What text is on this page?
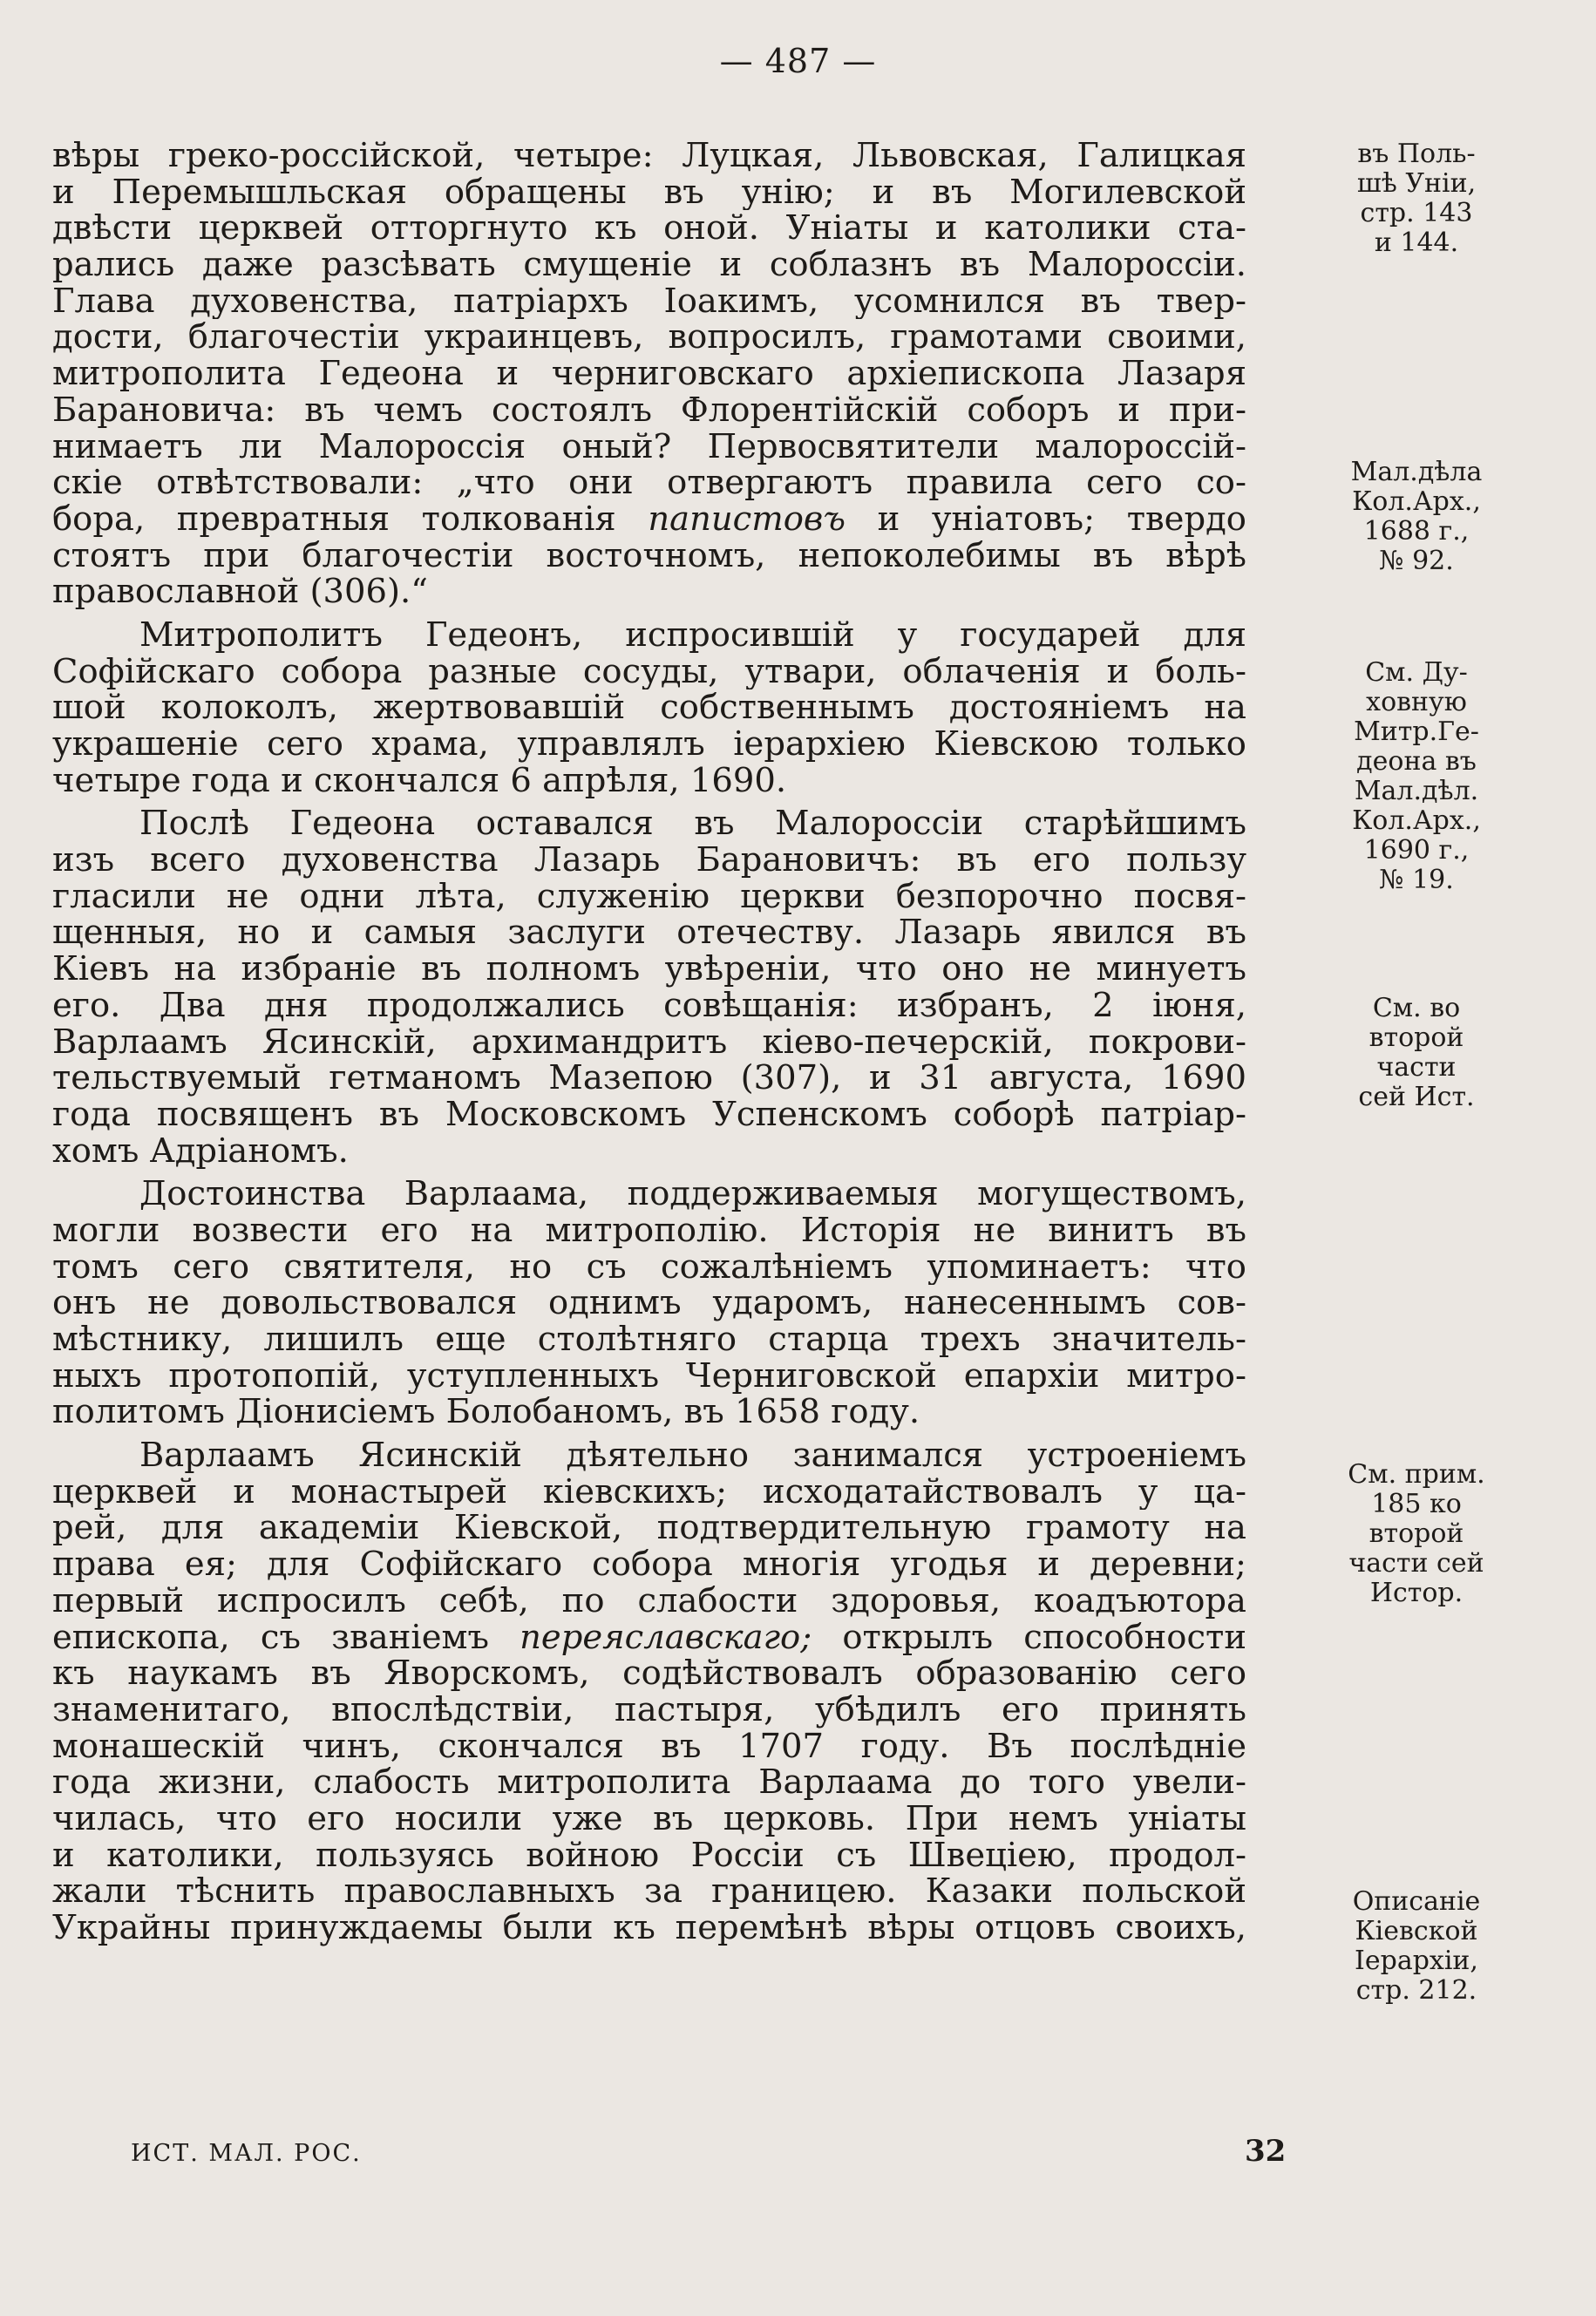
— 487 —
вѣры греко-россiйской, четыре: Луцкая, Львовская, Галицкая
и Перемышльская обращены въ унiю; и въ Могилевской
двѣсти церквей отторгнуто къ оной. Унiаты и католики ста-
рались даже разсѣвать смущенiе и соблазнъ въ Малороссiи.
Глава духовенства, патрiархъ Iоакимъ, усомнился въ твер-
дости, благочестiи украинцевъ, вопросилъ, грамотами своими,
митрополита Гедеона и черниговскаго архiепископа Лазаря
Барановича: въ чемъ состоялъ Флорентiйскiй соборъ и при-
нимаетъ ли Малороссiя оный? Первосвятители малороссiй-
скiе отвѣтствовали: „что они отвергаютъ правила сего со-
бора, превратныя толкованiя папистовъ и унiатовъ; твердо
стоятъ при благочестiи восточномъ, непоколебимы въ вѣрѣ
православной (306).“
Митрополитъ Гедеонъ, испросившiй у государей для
Софiйскаго собора разные сосуды, утвари, облаченiя и боль-
шой колоколъ, жертвовавшiй собственнымъ достоянiемъ на
украшенiе сего храма, управлялъ iерархiею Кiевскою только
четыре года и скончался 6 апрѣля, 1690.
Послѣ Гедеона оставался въ Малороссiи старѣйшимъ
изъ всего духовенства Лазарь Барановичъ: въ его пользу
гласили не одни лѣта, служенiю церкви безпорочно посвя-
щенныя, но и самыя заслуги отечеству. Лазарь явился въ
Кiевъ на избранiе въ полномъ увѣренiи, что оно не минуетъ
его. Два дня продолжались совѣщанiя: избранъ, 2 iюня,
Варлаамъ Ясинскiй, архимандритъ кiево-печерскiй, покрови-
тельствуемый гетманомъ Мазепою (307), и 31 августа, 1690
года посвященъ въ Московскомъ Успенскомъ соборѣ патрiар-
хомъ Адрiаномъ.
Достоинства Варлаама, поддерживаемыя могуществомъ,
могли возвести его на митрополiю. Исторiя не винитъ въ
томъ сего святителя, но съ сожалѣнiемъ упоминаетъ: что
онъ не довольствовался однимъ ударомъ, нанесеннымъ сов-
мѣстнику, лишилъ еще столѣтняго старца трехъ значитель-
ныхъ протопопiй, уступленныхъ Черниговской епархiи митро-
политомъ Дiонисiемъ Болобаномъ, въ 1658 году.
Варлаамъ Ясинскiй дѣятельно занимался устроенiемъ
церквей и монастырей кiевскихъ; исходатайствовалъ у ца-
рей, для академiи Кiевской, подтвердительную грамоту на
права ея; для Софiйскаго собора многiя угодья и деревни;
первый испросилъ себѣ, по слабости здоровья, коадъютора
епископа, съ званiемъ переяславскаго; открылъ способности
къ наукамъ въ Яворскомъ, содѣйствовалъ образованiю сего
знаменитаго, впослѣдствiи, пастыря, убѣдилъ его принять
монашескiй чинъ, скончался въ 1707 году. Въ послѣднiе
года жизни, слабость митрополита Варлаама до того увели-
чилась, что его носили уже въ церковь. При немъ унiаты
и католики, пользуясь войною Россiи съ Швецiею, продол-
жали тѣснить православныхъ за границею. Казаки польской
Украйны принуждаемы были къ перемѣнѣ вѣры отцовъ своихъ,
въ Поль-
шѣ Унiи,
стр. 143
и 144.
Мал.дѣла
Кол.Арх.,
1688 г.,
№ 92.
См. Ду-
ховную
Митр.Ге-
деона въ
Мал.дѣл.
Кол.Арх.,
1690 г.,
№ 19.
См. во
второй
части
сей Ист.
См. прим.
185 ко
второй
части сей
Истор.
Описанiе
Кiевской
Iерархiи,
стр. 212.
ИСТ. МАЛ. РОС.	32
